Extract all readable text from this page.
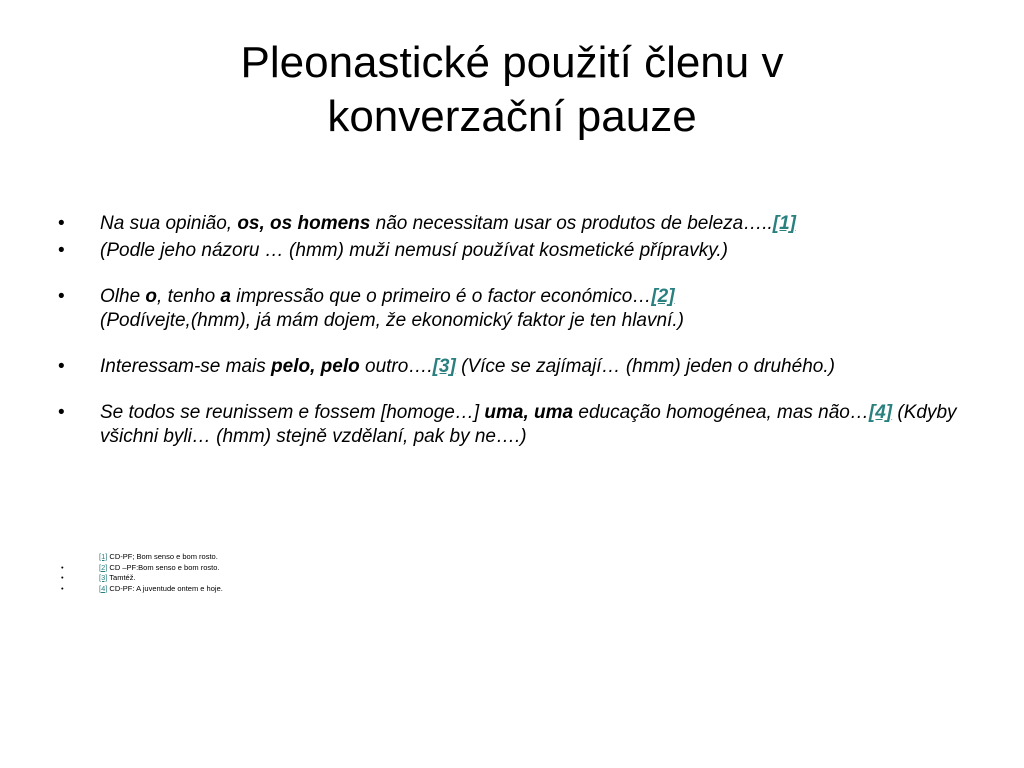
Pleonastické použití členu v
konverzační pauze
• Na sua opinião, os, os homens não necessitam usar os produtos de beleza…..[1]
• (Podle jeho názoru … (hmm) muži nemusí používat kosmetické přípravky.)
• Olhe o, tenho a impressão que o primeiro é o factor económico…[2]
(Podívejte,(hmm), já mám dojem, že ekonomický faktor je ten hlavní.)
• Interessam-se mais pelo, pelo outro….[3] (Více se zajímají… (hmm) jeden o druhého.)
• Se todos se reunissem e fossem [homoge…] uma, uma educação homogénea, mas não…[4] (Kdyby všichni byli… (hmm) stejně vzdělaní, pak by ne….)
[1] CD-PF; Bom senso e bom rosto.
•	[2] CD –PF:Bom senso e bom rosto.
•	[3] Tamtéž.
•	[4] CD-PF: A juventude ontem e hoje.
